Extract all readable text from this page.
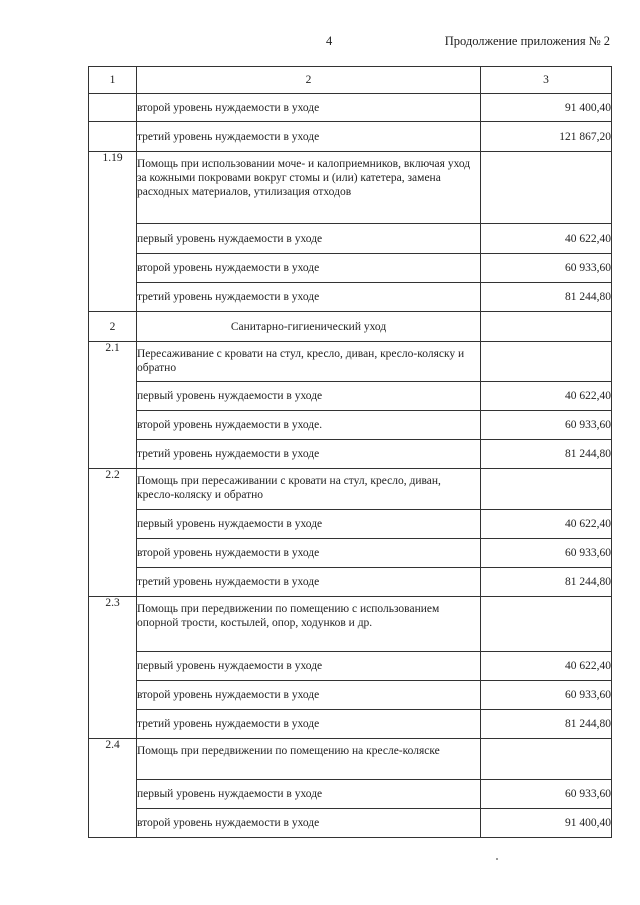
4	Продолжение приложения № 2
1	2	3
	второй уровень нуждаемости в уходе	91 400,40
	третий уровень нуждаемости в уходе	121 867,20
1.19	Помощь при использовании моче- и калоприемников, включая уход за кожными покровами вокруг стомы и (или) катетера, замена расходных материалов, утилизация отходов	
	первый уровень нуждаемости в уходе	40 622,40
	второй уровень нуждаемости в уходе	60 933,60
	третий уровень нуждаемости в уходе	81 244,80
2	Санитарно-гигиенический уход	
2.1	Пересаживание с кровати на стул, кресло, диван, кресло-коляску и обратно	
	первый уровень нуждаемости в уходе	40 622,40
	второй уровень нуждаемости в уходе.	60 933,60
	третий уровень нуждаемости в уходе	81 244,80
2.2	Помощь при пересаживании с кровати на стул, кресло, диван, кресло-коляску и обратно	
	первый уровень нуждаемости в уходе	40 622,40
	второй уровень нуждаемости в уходе	60 933,60
	третий уровень нуждаемости в уходе	81 244,80
2.3	Помощь при передвижении по помещению с использованием опорной трости, костылей, опор, ходунков и др.	
	первый уровень нуждаемости в уходе	40 622,40
	второй уровень нуждаемости в уходе	60 933,60
	третий уровень нуждаемости в уходе	81 244,80
2.4	Помощь при передвижении по помещению на кресле-коляске	
	первый уровень нуждаемости в уходе	60 933,60
	второй уровень нуждаемости в уходе	91 400,40
